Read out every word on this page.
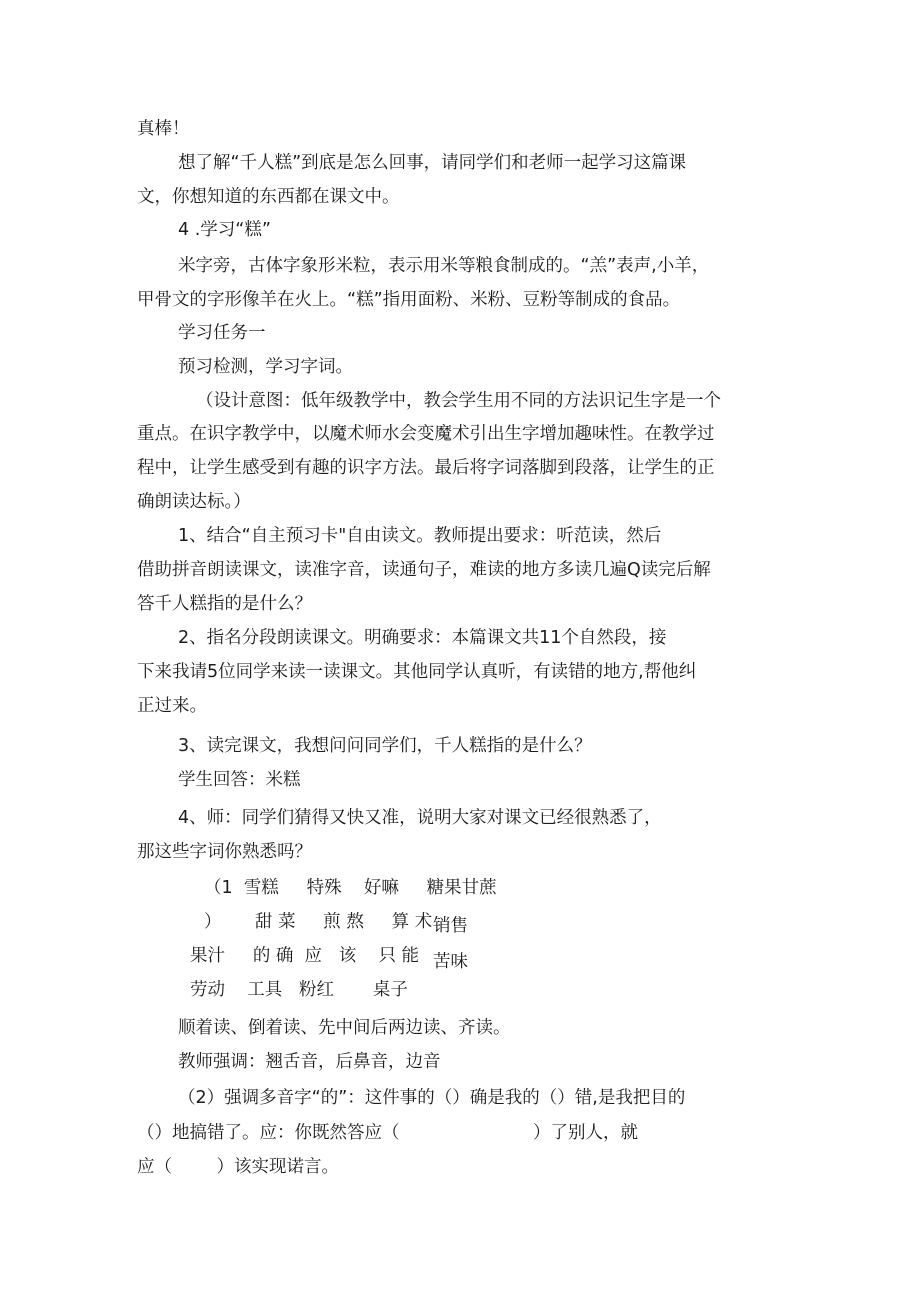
真棒！
想了解“千人糕”到底是怎么回事，请同学们和老师一起学习这篇课
文，你想知道的东西都在课文中。
4 .学习“糕”
米字旁，古体字象形米粒，表示用米等粮食制成的。“羔”表声,小羊，
甲骨文的字形像羊在火上。“糕”指用面粉、米粉、豆粉等制成的食品。
学习任务一
预习检测，学习字词。
（设计意图：低年级教学中，教会学生用不同的方法识记生字是一个
重点。在识字教学中，以魔术师水会变魔术引出生字增加趣味性。在教学过
程中，让学生感受到有趣的识字方法。最后将字词落脚到段落，让学生的正
确朗读达标。）
1、结合“自主预习卡"自由读文。教师提出要求：听范读，然后
借助拼音朗读课文，读准字音，读通句子，难读的地方多读几遍Q读完后解
答千人糕指的是什么？
2、指名分段朗读课文。明确要求：本篇课文共11个自然段，接
下来我请5位同学来读一读课文。其他同学认真听，有读错的地方,帮他纠
正过来。
3、读完课文，我想问问同学们，千人糕指的是什么？
学生回答：米糕
4、师：同学们猜得又快又准，说明大家对课文已经很熟悉了，
那这些字词你熟悉吗？
（1  雪糕     特殊    好嘛     糖果甘蔗
）      甜 菜     煎 熬     算 术 销售
果汁     的 确  应   该    只 能 苦味
劳动    工具   粉红       桌子
顺着读、倒着读、先中间后两边读、齐读。
教师强调：翘舌音，后鼻音，边音
（2）强调多音字“的”：这件事的（）确是我的（）错,是我把目的
（）地搞错了。应：你既然答应（                        ）了别人，就
应（        ）该实现诺言。
